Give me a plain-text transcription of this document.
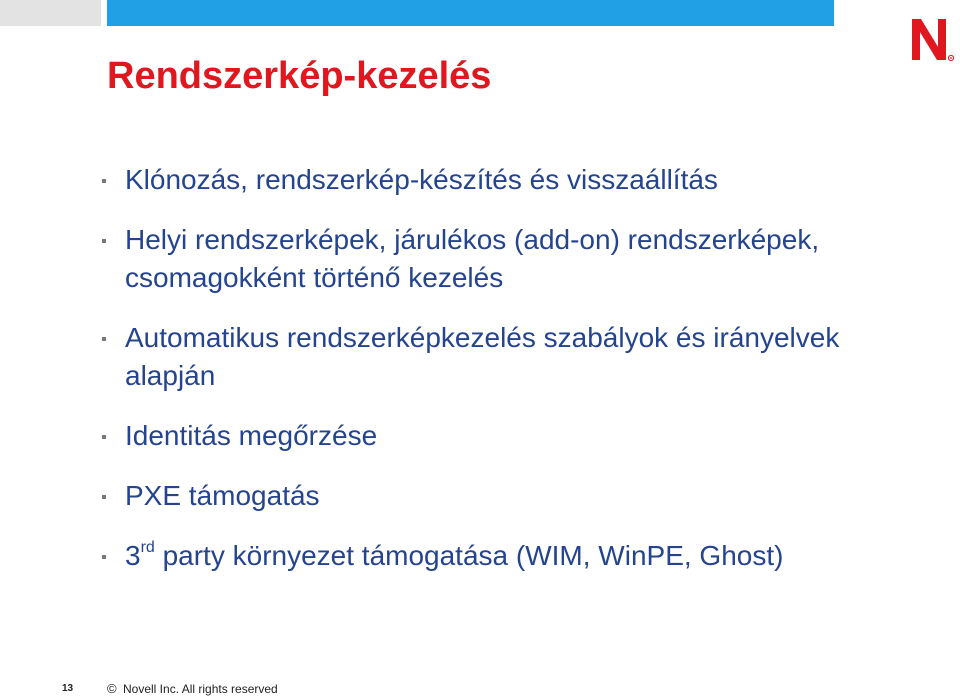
Rendszerkép-kezelés
Klónozás, rendszerkép-készítés és visszaállítás
Helyi rendszerképek, járulékos (add-on) rendszerképek, csomagokként történő kezelés
Automatikus rendszerképkezelés szabályok és irányelvek alapján
Identitás megőrzése
PXE támogatás
3rd party környezet támogatása (WIM, WinPE, Ghost)
13	© Novell Inc. All rights reserved
